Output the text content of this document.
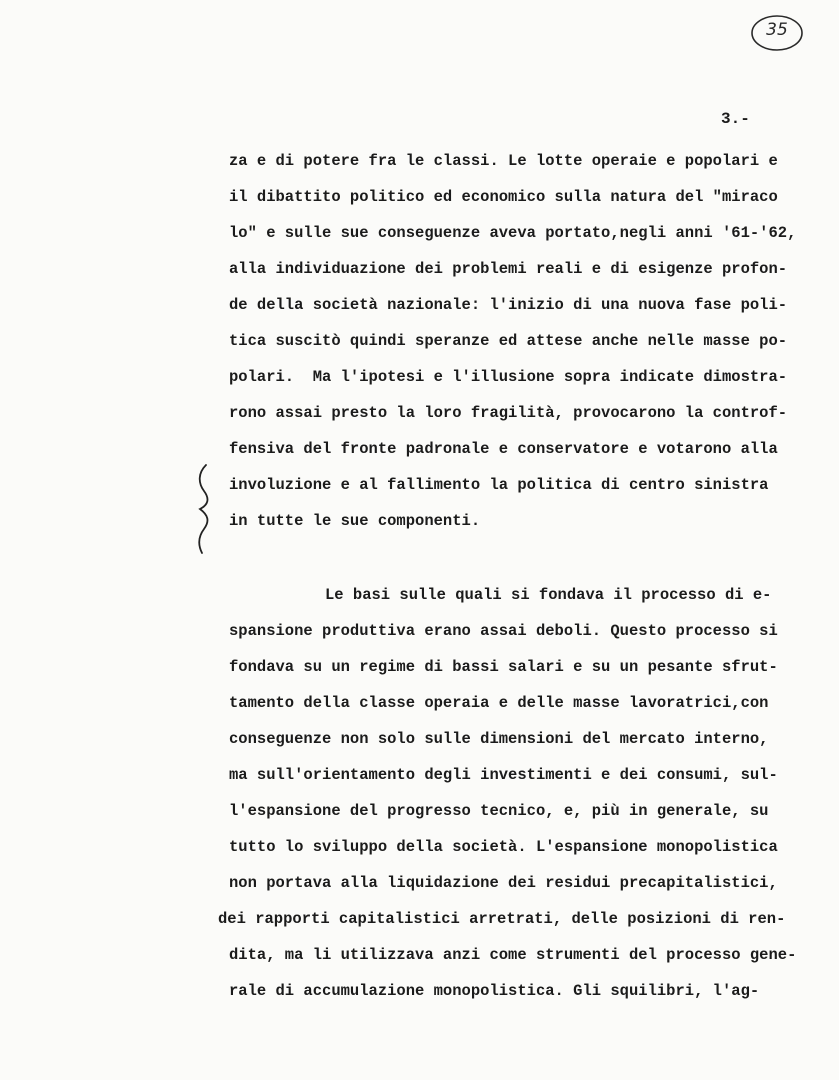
35
3.-
za e di potere fra le classi. Le lotte operaie e popolari e
il dibattito politico ed economico sulla natura del "miraco
lo" e sulle sue conseguenze aveva portato,negli anni '61-'62,
alla individuazione dei problemi reali e di esigenze profon-
de della società nazionale: l'inizio di una nuova fase poli-
tica suscitò quindi speranze ed attese anche nelle masse po-
polari.  Ma l'ipotesi e l'illusione sopra indicate dimostra-
rono assai presto la loro fragilità, provocarono la controf-
fensiva del fronte padronale e conservatore e votarono alla
involuzione e al fallimento la politica di centro sinistra
in tutte le sue componenti.
Le basi sulle quali si fondava il processo di e-
spansione produttiva erano assai deboli. Questo processo si
fondava su un regime di bassi salari e su un pesante sfrut-
tamento della classe operaia e delle masse lavoratrici,con
conseguenze non solo sulle dimensioni del mercato interno,
ma sull'orientamento degli investimenti e dei consumi, sul-
l'espansione del progresso tecnico, e, più in generale, su
tutto lo sviluppo della società. L'espansione monopolistica
non portava alla liquidazione dei residui precapitalistici,
dei rapporti capitalistici arretrati, delle posizioni di ren-
dita, ma li utilizzava anzi come strumenti del processo gene-
rale di accumulazione monopolistica. Gli squilibri, l'ag-
